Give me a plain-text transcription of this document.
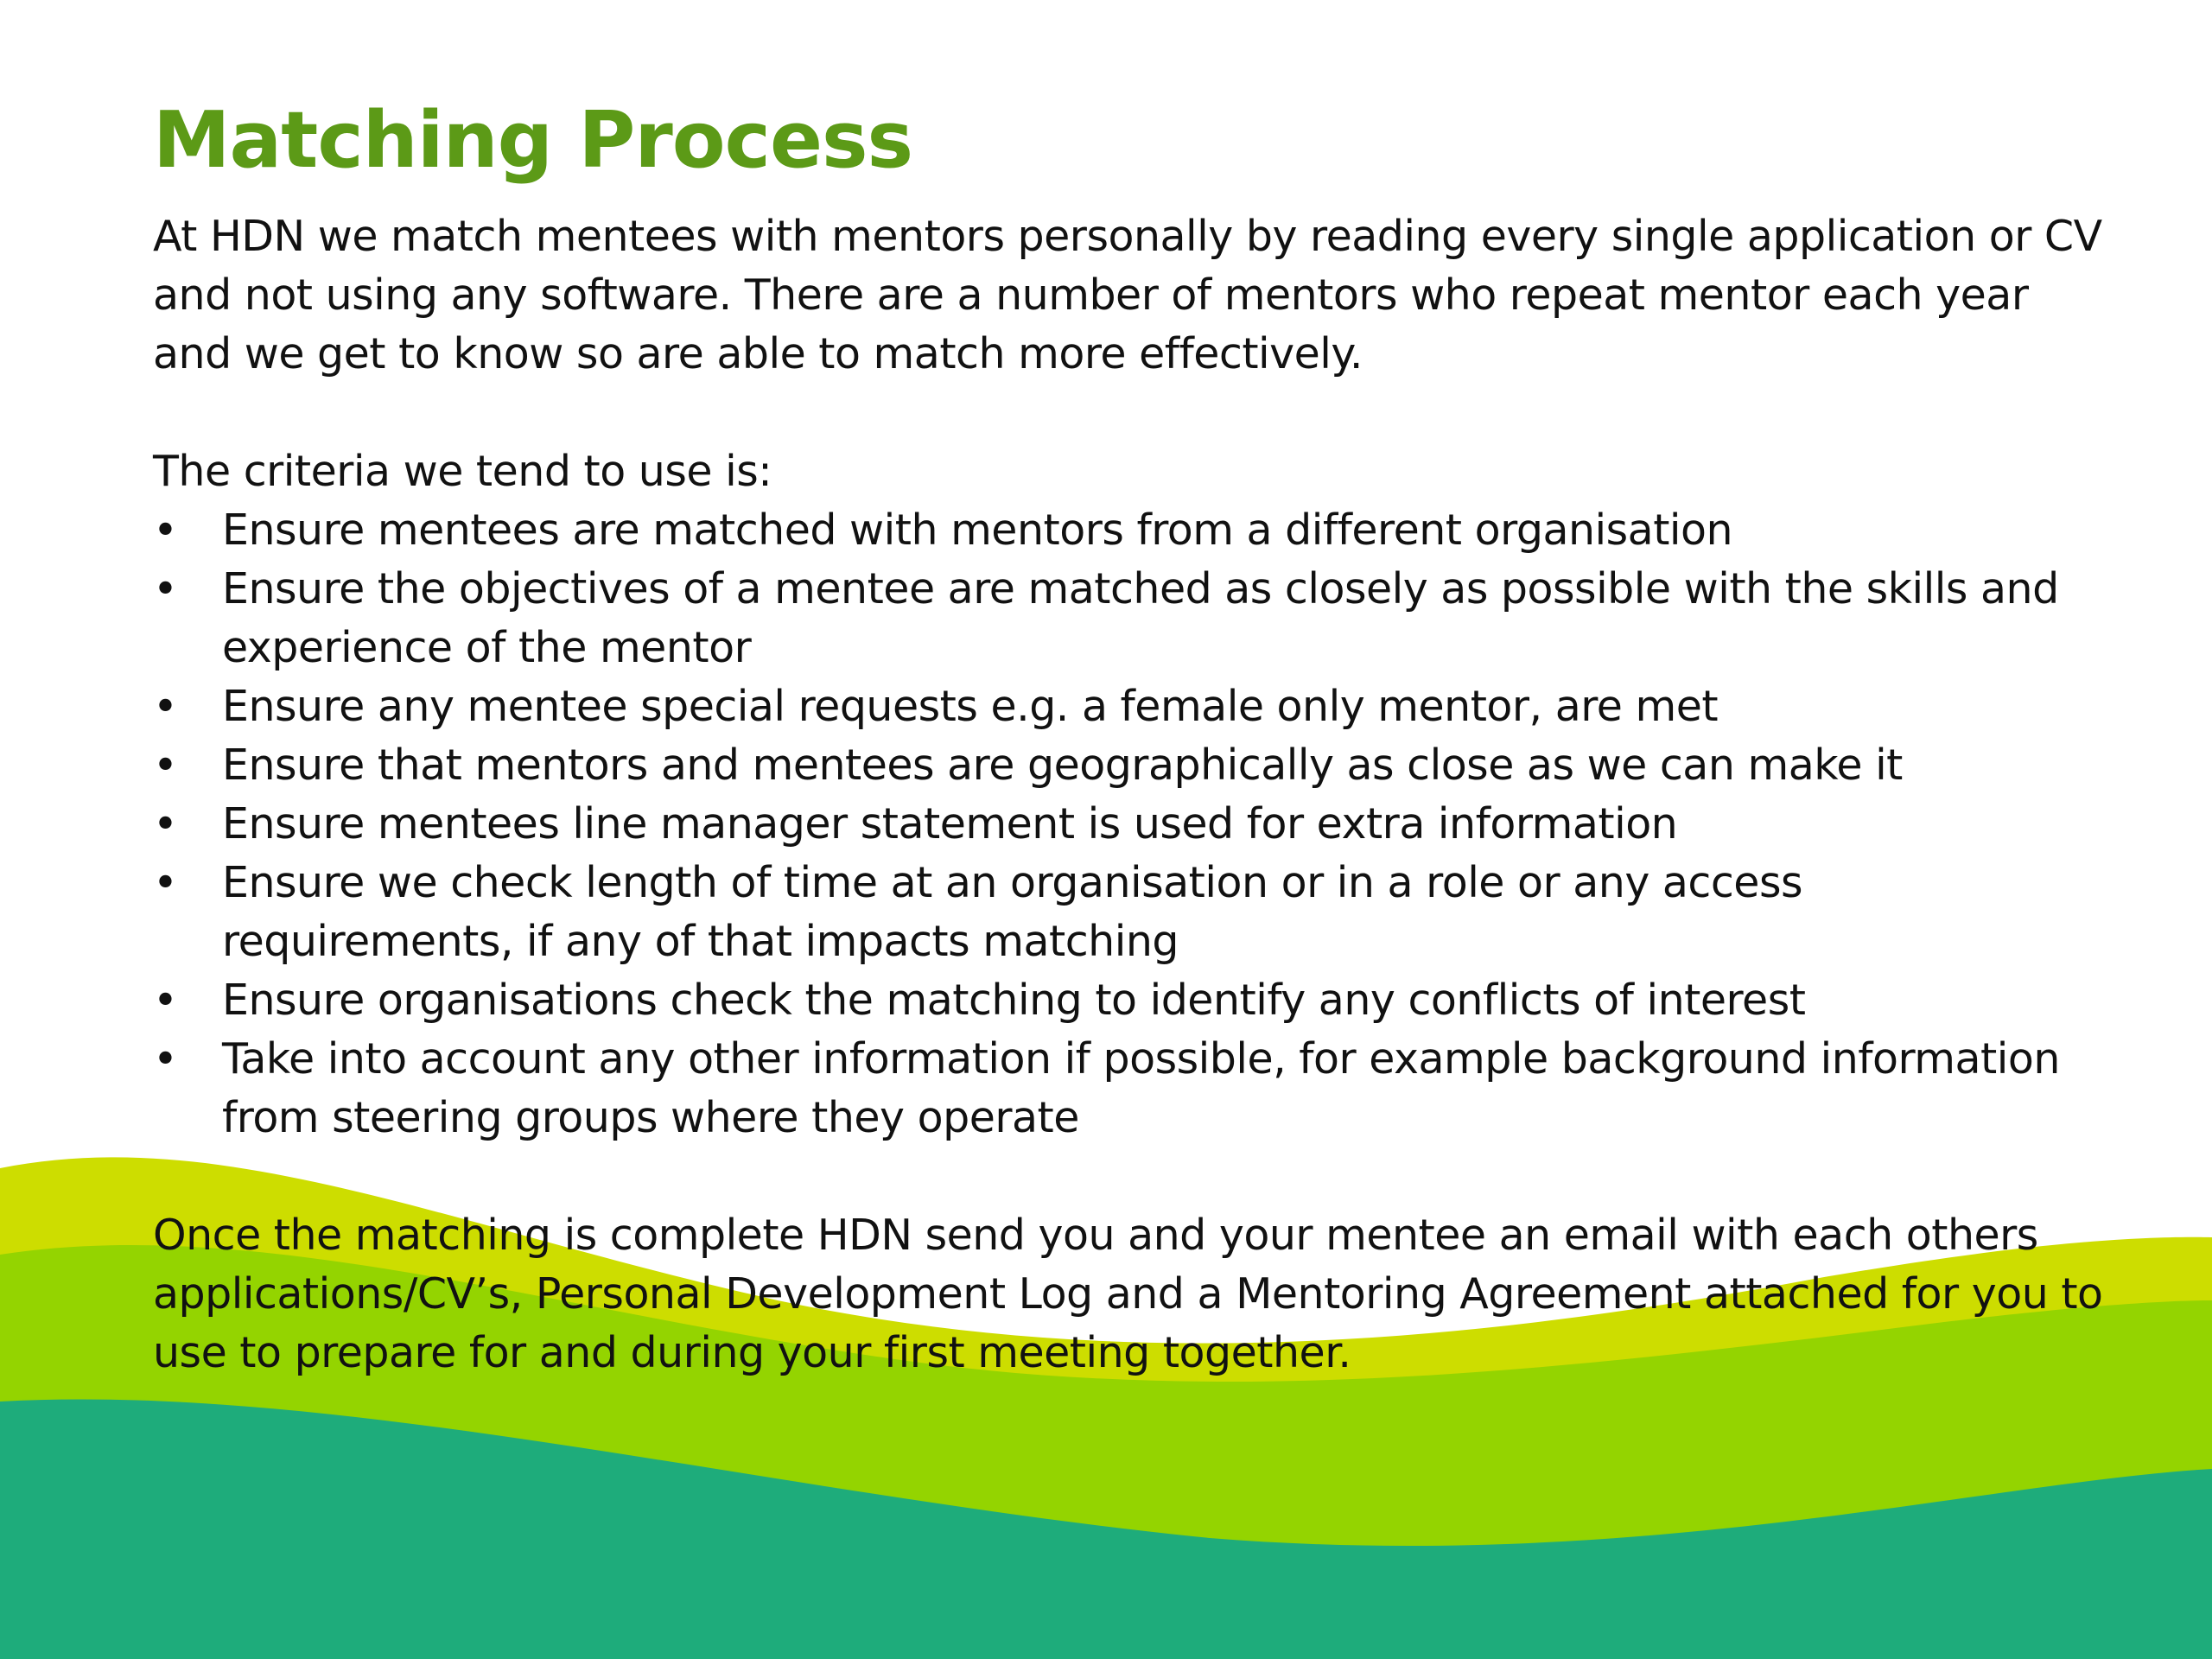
Matching Process

At HDN we match mentees with mentors personally by reading every single application or CV and not using any software. There are a number of mentors who repeat mentor each year and we get to know so are able to match more effectively.

The criteria we tend to use is:

• Ensure mentees are matched with mentors from a different organisation
• Ensure the objectives of a mentee are matched as closely as possible with the skills and experience of the mentor
• Ensure any mentee special requests e.g. a female only mentor, are met
• Ensure that mentors and mentees are geographically as close as we can make it
• Ensure mentees line manager statement is used for extra information
• Ensure we check length of time at an organisation or in a role or any access requirements, if any of that impacts matching
• Ensure organisations check the matching to identify any conflicts of interest
• Take into account any other information if possible, for example background information from steering groups where they operate

Once the matching is complete HDN send you and your mentee an email with each others applications/CV’s, Personal Development Log and a Mentoring Agreement attached for you to use to prepare for and during your first meeting together.
